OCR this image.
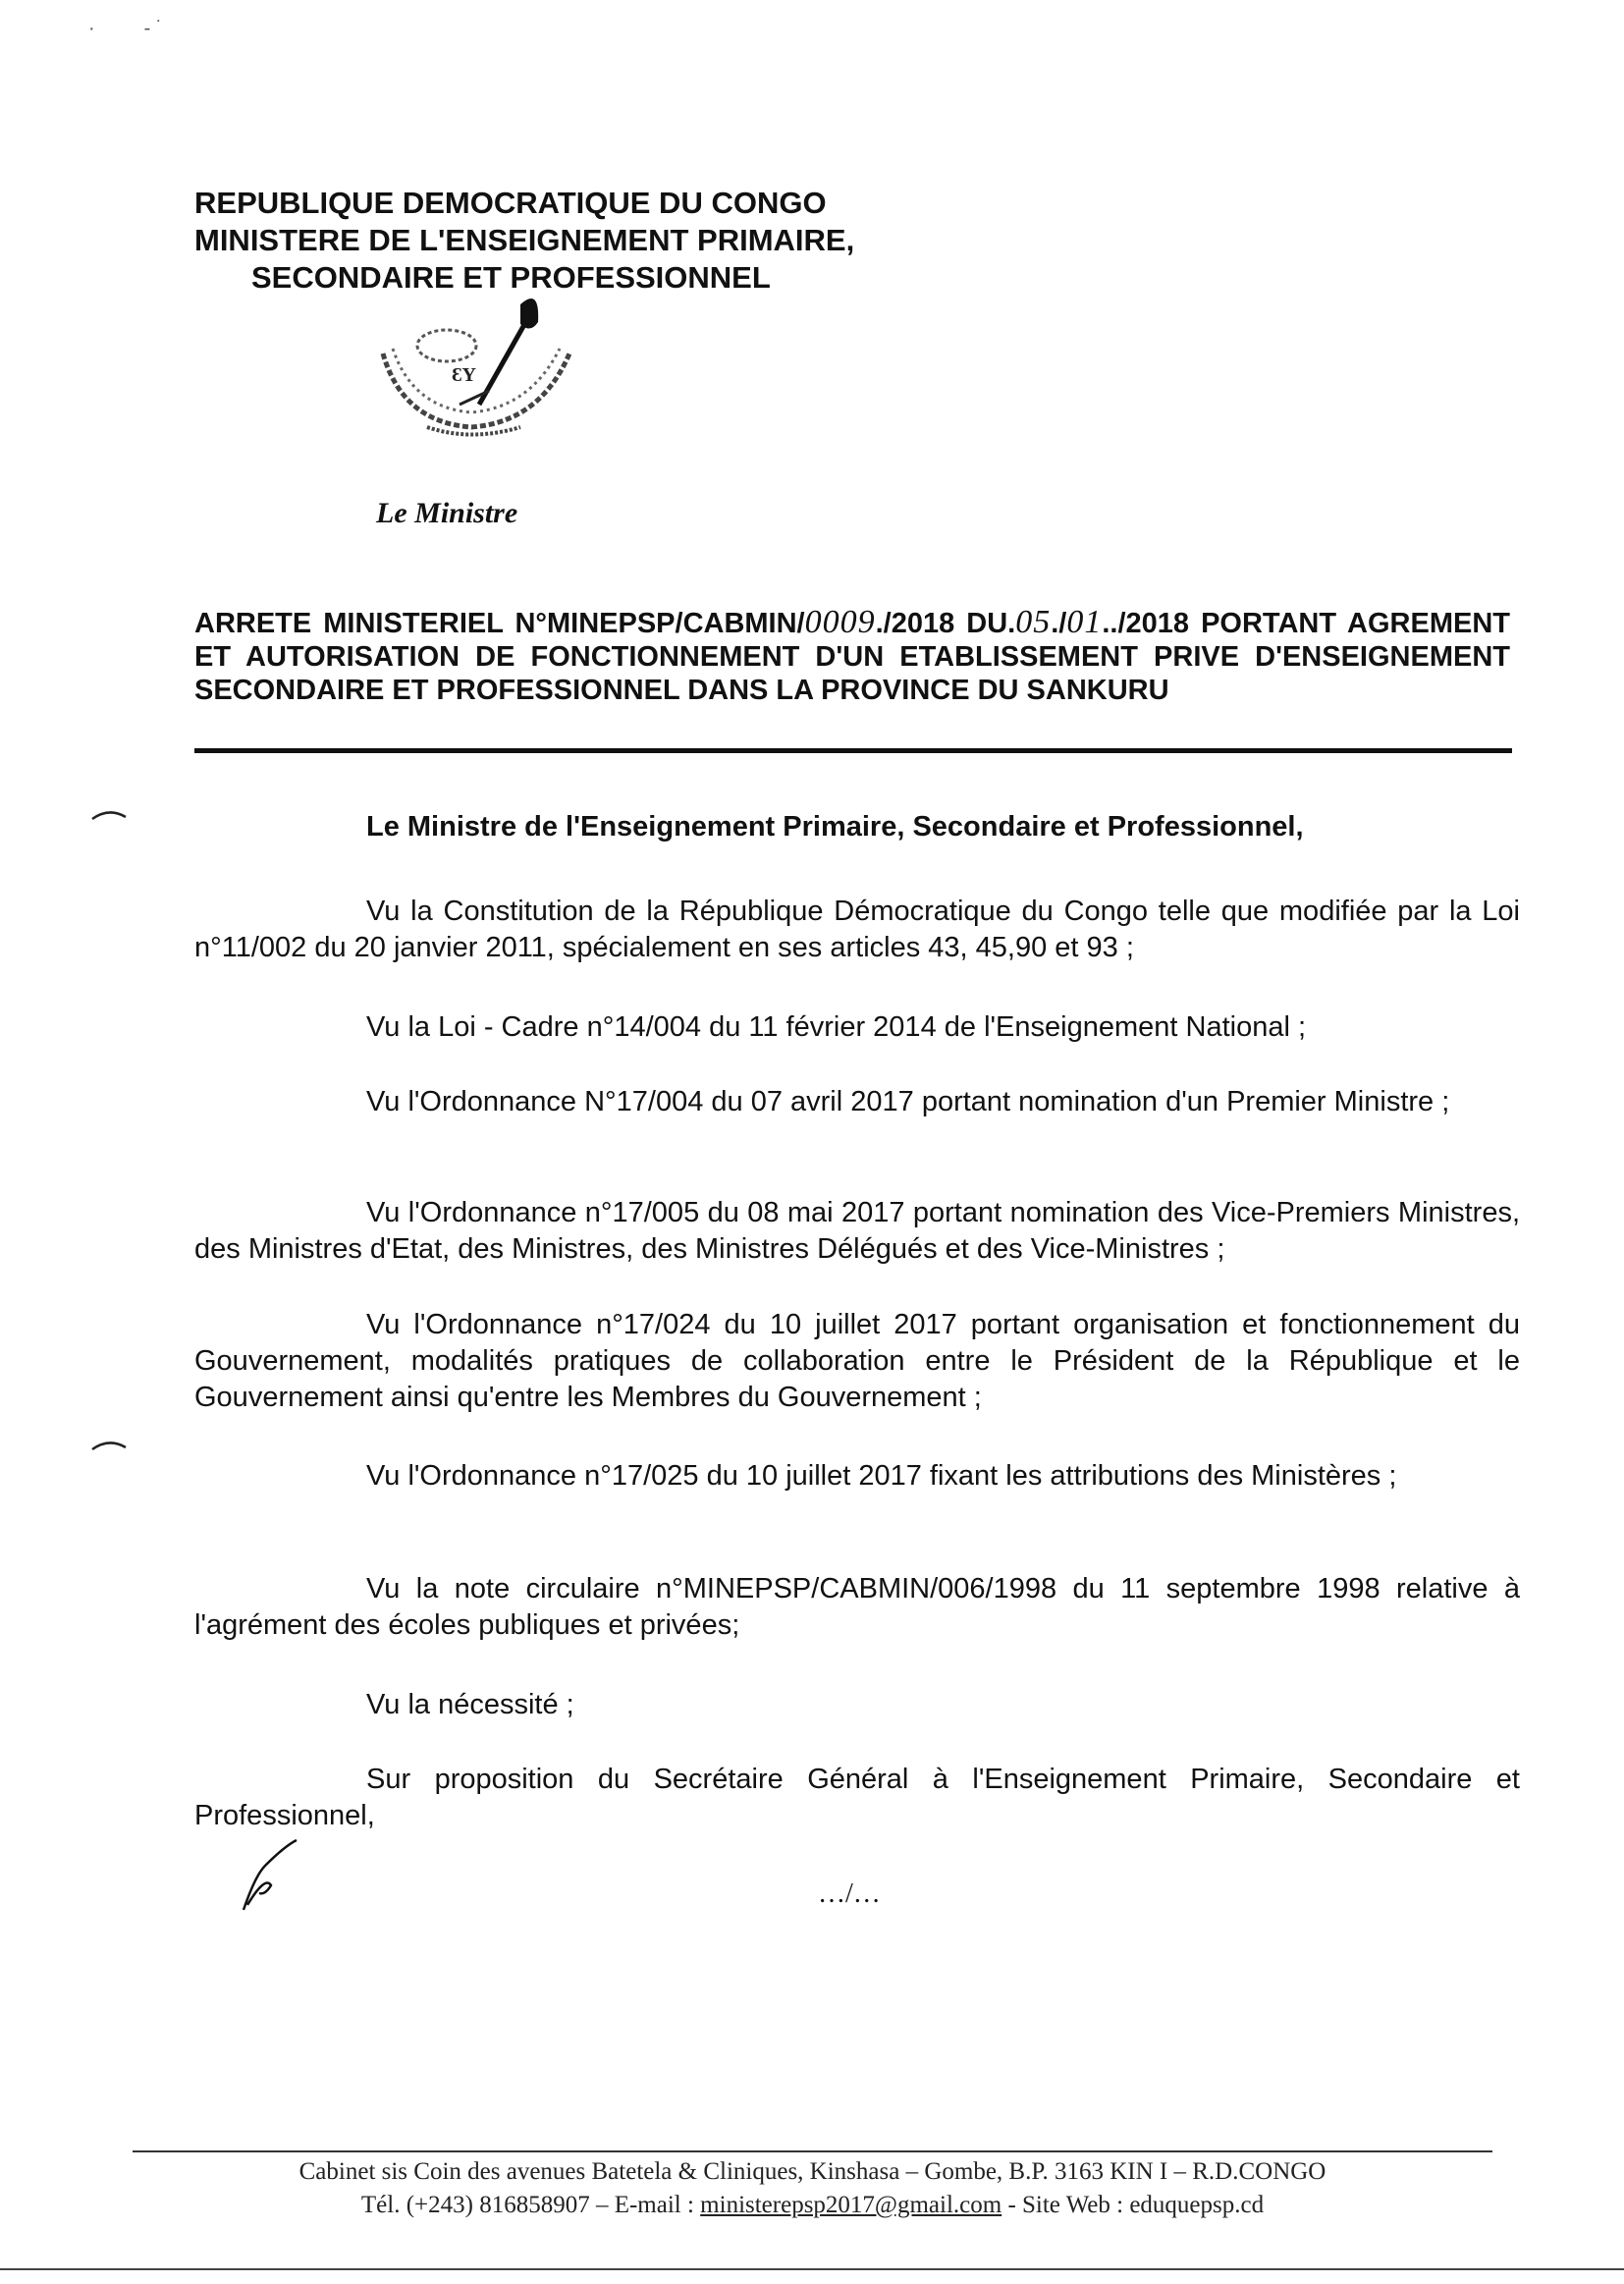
·         ‐ ˙
REPUBLIQUE DEMOCRATIQUE DU CONGO
MINISTERE DE L'ENSEIGNEMENT PRIMAIRE,
SECONDAIRE ET PROFESSIONNEL
ƐY
Le Ministre
ARRETE MINISTERIEL N°MINEPSP/CABMIN/0009./2018 DU.05./01../2018 PORTANT AGREMENT ET AUTORISATION DE FONCTIONNEMENT D'UN ETABLISSEMENT PRIVE D'ENSEIGNEMENT SECONDAIRE ET PROFESSIONNEL DANS LA PROVINCE DU SANKURU
Le Ministre de l'Enseignement Primaire, Secondaire et Professionnel,
Vu la Constitution de la République Démocratique du Congo telle que modifiée par la Loi n°11/002 du 20 janvier 2011, spécialement en ses articles 43, 45,90 et 93 ;
Vu la Loi - Cadre n°14/004 du 11 février 2014 de l'Enseignement National ;
Vu l'Ordonnance N°17/004 du 07 avril 2017 portant nomination d'un Premier Ministre ;
Vu l'Ordonnance n°17/005 du 08 mai 2017 portant nomination des Vice-Premiers Ministres, des Ministres d'Etat, des Ministres, des Ministres Délégués et des Vice-Ministres ;
Vu l'Ordonnance n°17/024 du 10 juillet 2017 portant organisation et fonctionnement du Gouvernement, modalités pratiques de collaboration entre le Président de la République et le Gouvernement ainsi qu'entre les Membres du Gouvernement ;
Vu l'Ordonnance n°17/025 du 10 juillet 2017 fixant les attributions des Ministères ;
Vu la note circulaire n°MINEPSP/CABMIN/006/1998 du 11 septembre 1998 relative à l'agrément des écoles publiques et privées;
Vu la nécessité ;
Sur proposition du Secrétaire Général à l'Enseignement Primaire, Secondaire et Professionnel,
…/…
Cabinet sis Coin des avenues Batetela & Cliniques, Kinshasa – Gombe, B.P. 3163 KIN I – R.D.CONGO
Tél. (+243) 816858907 – E-mail : ministerepsp2017@gmail.com - Site Web : eduquepsp.cd
